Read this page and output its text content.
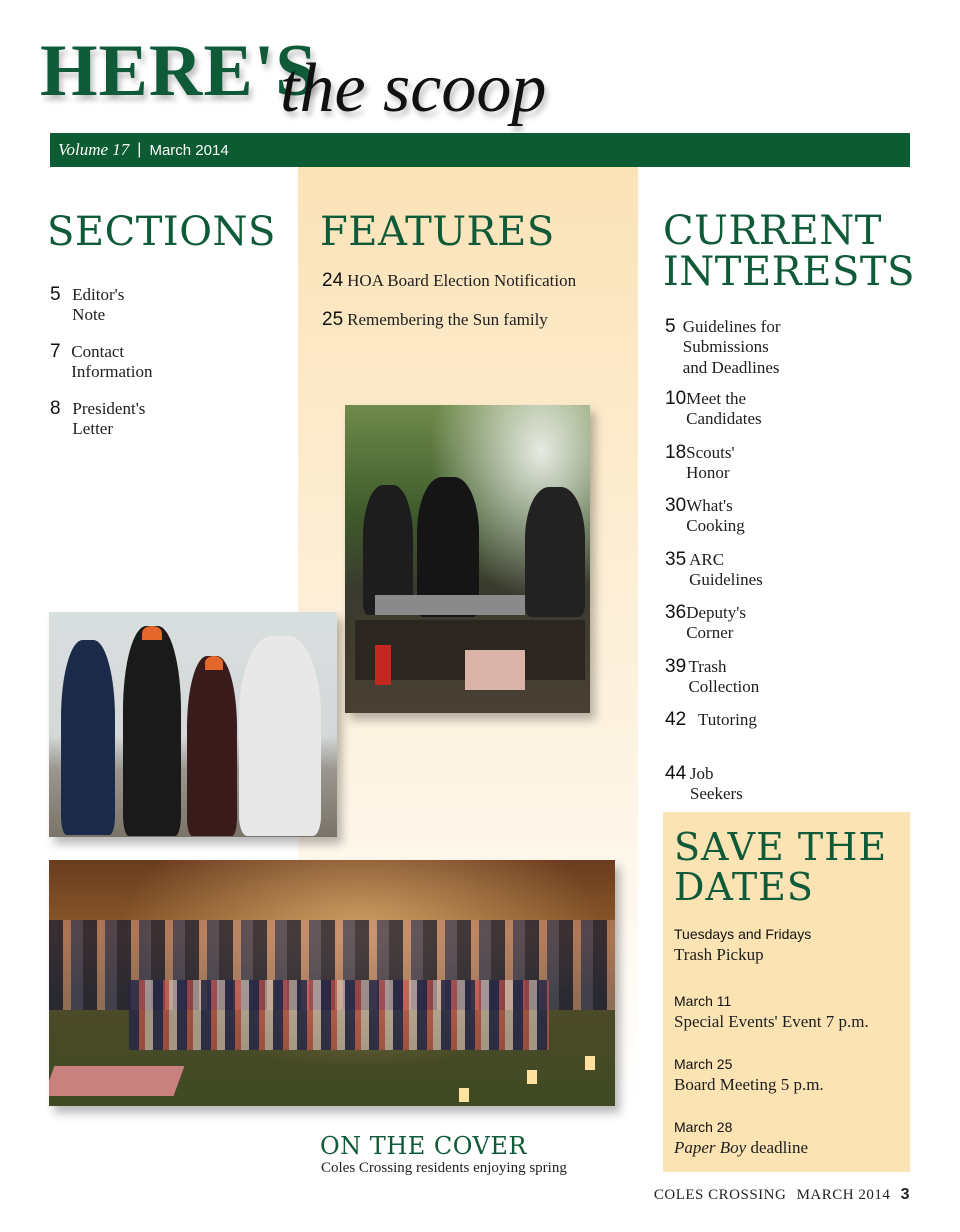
HERE'S
the scoop
Volume 17 | March 2014
SECTIONS
5 Editor's Note
7 Contact Information
8 President's Letter
FEATURES
24 HOA Board Election Notification
25 Remembering the Sun family
CURRENT
INTERESTS
5 Guidelines for Submissions
and Deadlines
10 Meet the Candidates
18 Scouts' Honor
30 What's Cooking
35 ARC Guidelines
36 Deputy's Corner
39 Trash Collection
42 Tutoring
44 Job Seekers
SAVE THE
DATES
Tuesdays and Fridays
Trash Pickup
March 11
Special Events' Event 7 p.m.
March 25
Board Meeting 5 p.m.
March 28
Paper Boy deadline
ON THE COVER
Coles Crossing residents enjoying spring
COLES CROSSING MARCH 2014 3
